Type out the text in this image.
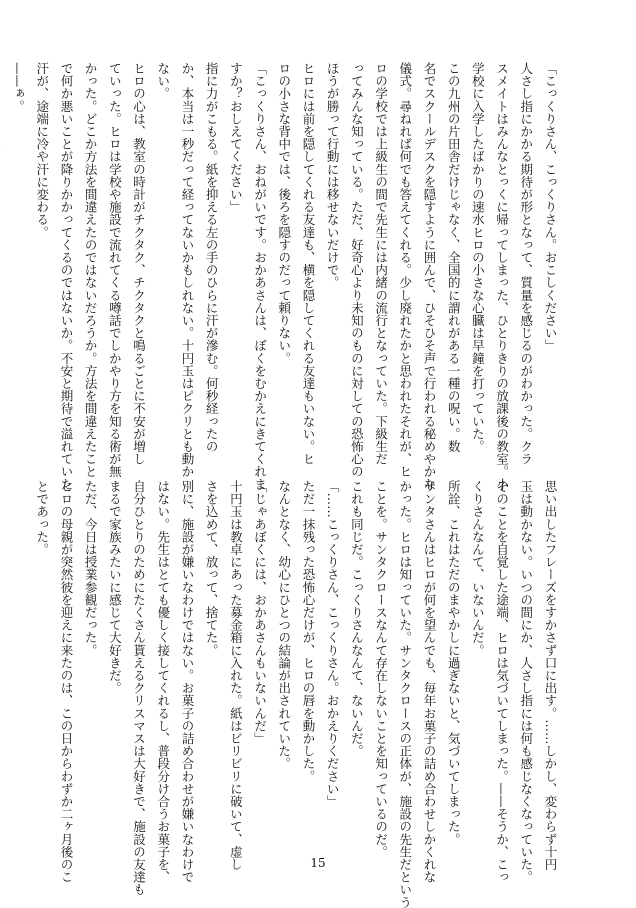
「こっくりさん、こっくりさん。おこしください」

人さし指にかかる期待が形となって、質量を感じるのがわかった。クラ

スメイトはみんなとっくに帰ってしまった、ひとりきりの放課後の教室。小

学校に入学したばかりの速水ヒロの小さな心臓は早鐘を打っていた。

この九州の片田舎だけじゃなく、全国的に謂れがある一種の呪い。数

名でスクールデスクを隠すように囲んで、ひそひそ声で行われる秘めやかな

儀式。尋ねれば何でも答えてくれる。少し廃れたかと思われたそれが、ヒ

ロの学校では上級生の間で先生には内緒の流行となっていた。下級生だ

ってみんな知っている。ただ、好奇心より未知のものに対しての恐怖心の

ほうが勝って行動には移せないだけで。

ヒロには前を隠してくれる友達も、横を隠してくれる友達もいない。ヒ

ロの小さな背中では、後ろを隠すのだって頼りない。

「こっくりさん、おねがいです。おかあさんは、ぼくをむかえにきてくれま

すか？おしえてください」

指に力がこもる。紙を抑える左の手のひらに汗が滲む。何秒経ったの

か、本当は一秒だって経ってないかもしれない。十円玉はピクリとも動か

ない。

ヒロの心は、教室の時計がチクタク、チクタクと鳴るごとに不安が増し

ていった。ヒロは学校や施設で流れてくる噂話でしかやり方を知る術が無

かった。どこか方法を間違えたのではないだろうか。方法を間違えたこと

で何か悪いことが降りかかってくるのではないか。不安と期待で溢れていた

汗が、途端に冷や汗に変わる。

——ぁ。

思い出したフレーズをすかさず口に出す。……しかし、変わらず十円

玉は動かない。いつの間にか、人さし指には何も感じなくなっていた。

そのことを自覚した途端、ヒロは気づいてしまった。——そうか、こっ

くりさんなんて、いないんだ。

所詮、これはただのまやかしに過ぎないと、気づいてしまった。

サンタさんはヒロが何を望んでも、毎年お菓子の詰め合わせしかくれな

かった。ヒロは知っていた。サンタクロースの正体が、施設の先生だという

ことを。サンタクロースなんて存在しないことを知っているのだ。

これも同じだ。こっくりさんなんて、ないんだ。

「……こっくりさん、こっくりさん。おかえりください」

ただ一抹残った恐怖心だけが、ヒロの唇を動かした。

なんとなく、幼心にひとつの結論が出されていた。

「じゃあぼくには、おかあさんもいないんだ」

十円玉は教卓にあった募金箱に入れた。紙はビリビリに破いて、虚し

さを込めて、放って、捨てた。

別に、施設が嫌いなわけではない。お菓子の詰め合わせが嫌いなわけで

はない。先生はとても優しく接してくれるし、普段分け合うお菓子を、

自分ひとりのためにたくさん貰えるクリスマスは大好きで、施設の友達も

まるで家族みたいに感じて大好きだ。

ただ、今日は授業参観だった。

ヒロの母親が突然彼を迎えに来たのは、この日からわずか二ヶ月後のこ

とであった。

15
